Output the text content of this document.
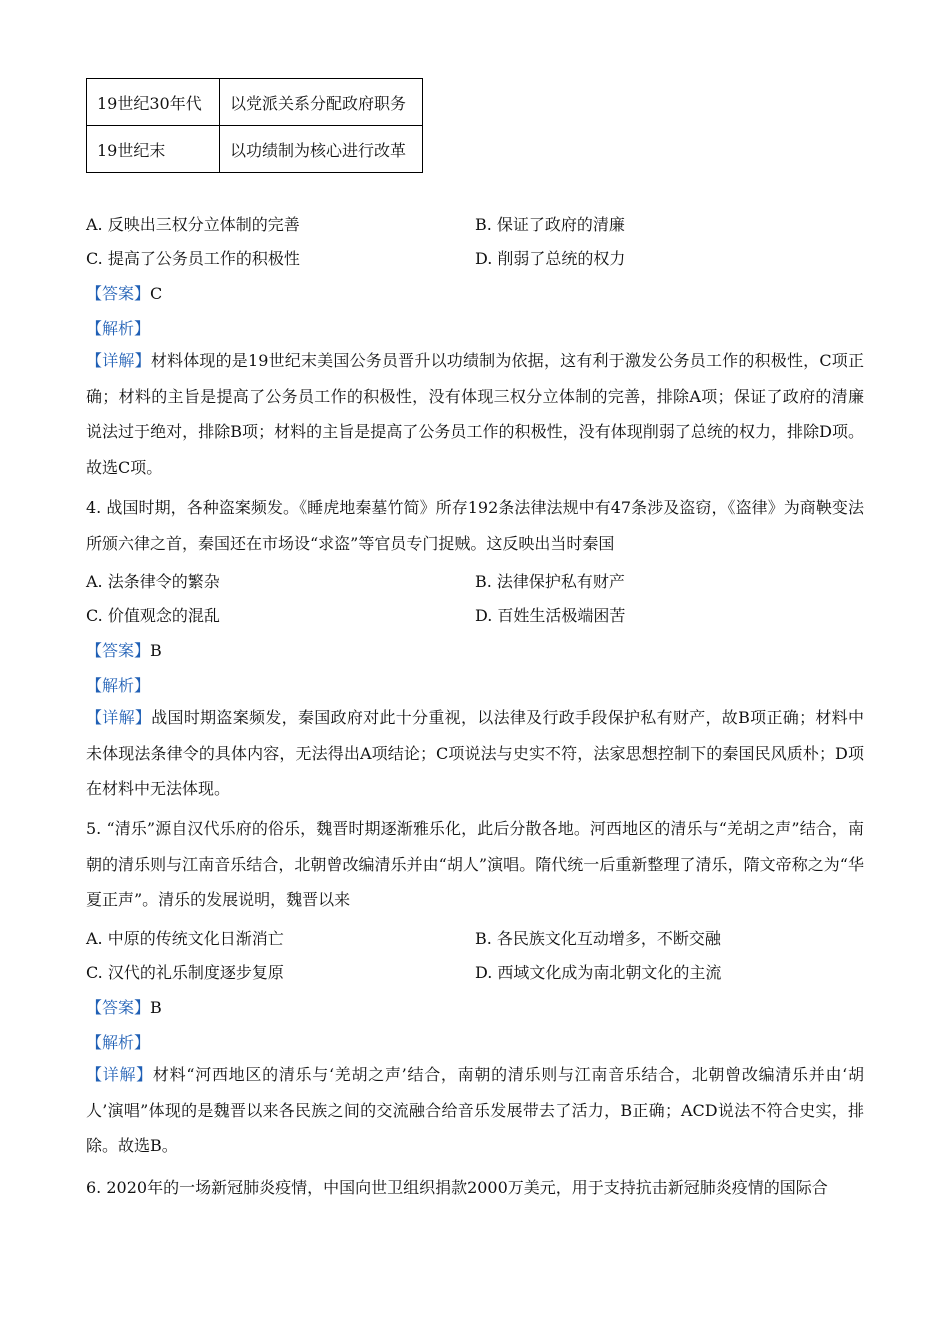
19世纪30年代	以党派关系分配政府职务
19世纪末	以功绩制为核心进行改革
A. 反映出三权分立体制的完善	B. 保证了政府的清廉
C. 提高了公务员工作的积极性	D. 削弱了总统的权力
【答案】C
【解析】
【详解】材料体现的是19世纪末美国公务员晋升以功绩制为依据，这有利于激发公务员工作的积极性，C项正确；材料的主旨是提高了公务员工作的积极性，没有体现三权分立体制的完善，排除A项；保证了政府的清廉说法过于绝对，排除B项；材料的主旨是提高了公务员工作的积极性，没有体现削弱了总统的权力，排除D项。故选C项。
4. 战国时期，各种盗案频发。《睡虎地秦墓竹简》所存192条法律法规中有47条涉及盗窃，《盗律》为商鞅变法所颁六律之首，秦国还在市场设“求盗”等官员专门捉贼。这反映出当时秦国
A. 法条律令的繁杂	B. 法律保护私有财产
C. 价值观念的混乱	D. 百姓生活极端困苦
【答案】B
【解析】
【详解】战国时期盗案频发，秦国政府对此十分重视，以法律及行政手段保护私有财产，故B项正确；材料中未体现法条律令的具体内容，无法得出A项结论；C项说法与史实不符，法家思想控制下的秦国民风质朴；D项在材料中无法体现。
5. “清乐”源自汉代乐府的俗乐，魏晋时期逐渐雅乐化，此后分散各地。河西地区的清乐与“羌胡之声”结合，南朝的清乐则与江南音乐结合，北朝曾改编清乐并由“胡人”演唱。隋代统一后重新整理了清乐，隋文帝称之为“华夏正声”。清乐的发展说明，魏晋以来
A. 中原的传统文化日渐消亡	B. 各民族文化互动增多，不断交融
C. 汉代的礼乐制度逐步复原	D. 西域文化成为南北朝文化的主流
【答案】B
【解析】
【详解】材料“河西地区的清乐与‘羌胡之声’结合，南朝的清乐则与江南音乐结合，北朝曾改编清乐并由‘胡人’演唱”体现的是魏晋以来各民族之间的交流融合给音乐发展带去了活力，B正确；ACD说法不符合史实，排除。故选B。
6. 2020年的一场新冠肺炎疫情，中国向世卫组织捐款2000万美元，用于支持抗击新冠肺炎疫情的国际合
